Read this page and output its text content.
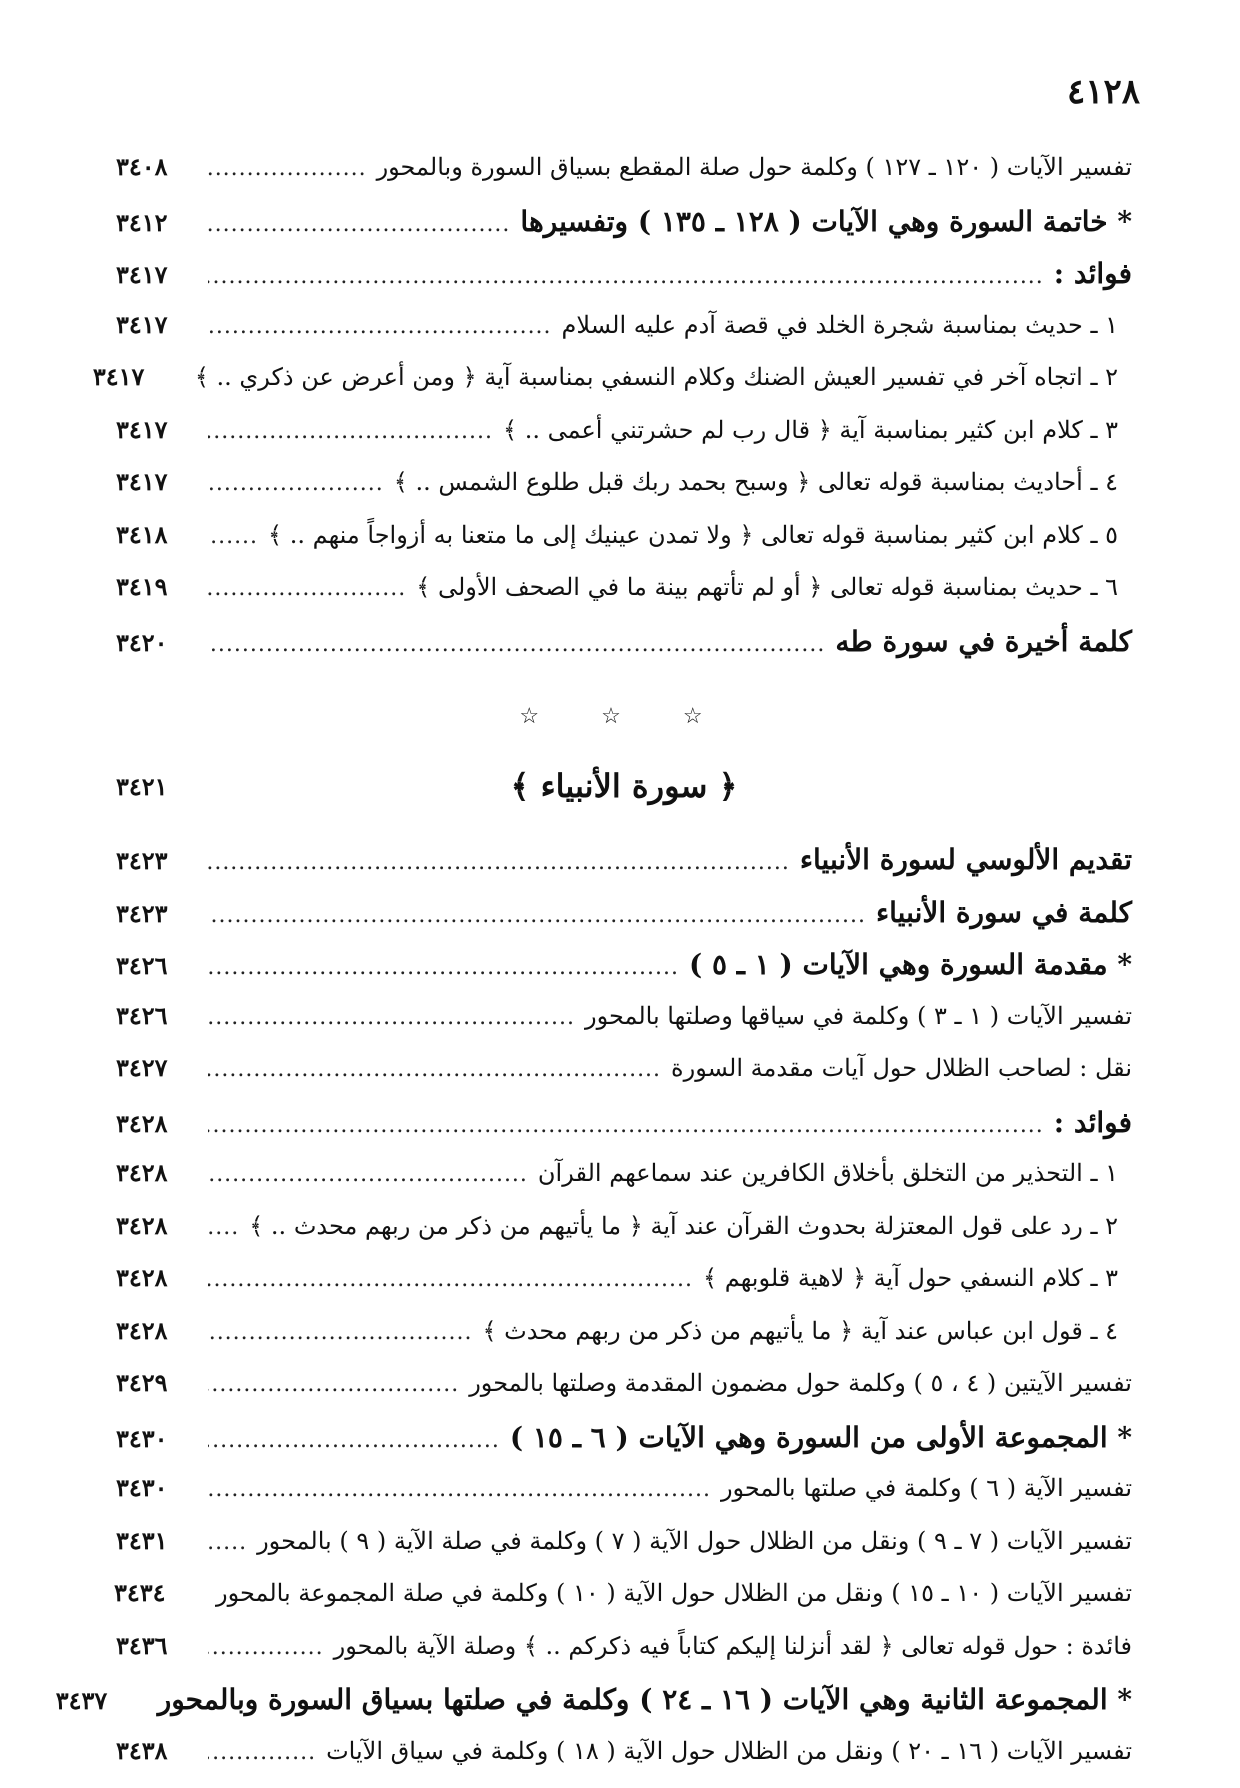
٤١٢٨
تفسير الآيات ( ١٢٠ ـ ١٢٧ ) وكلمة حول صلة المقطع بسياق السورة وبالمحور
.....
٣٤٠٨
* خاتمة السورة وهي الآيات ( ١٢٨ ـ ١٣٥ ) وتفسيرها
.....
٣٤١٢
فوائد :
.....
٣٤١٧
١ ـ حديث بمناسبة شجرة الخلد في قصة آدم عليه السلام
.....
٣٤١٧
٢ ـ اتجاه آخر في تفسير العيش الضنك وكلام النسفي بمناسبة آية ﴿ ومن أعرض عن ذكري .. ﴾
٣٤١٧
٣ ـ كلام ابن كثير بمناسبة آية ﴿ قال رب لم حشرتني أعمى .. ﴾
.....
٣٤١٧
٤ ـ أحاديث بمناسبة قوله تعالى ﴿ وسبح بحمد ربك قبل طلوع الشمس .. ﴾
.....
٣٤١٧
٥ ـ كلام ابن كثير بمناسبة قوله تعالى ﴿ ولا تمدن عينيك إلى ما متعنا به أزواجاً منهم .. ﴾
.....
٣٤١٨
٦ ـ حديث بمناسبة قوله تعالى ﴿ أو لم تأتهم بينة ما في الصحف الأولى ﴾
.....
٣٤١٩
كلمة أخيرة في سورة طه
.....
٣٤٢٠
☆ ☆ ☆
﴿ سورة الأنبياء ﴾
٣٤٢١
تقديم الألوسي لسورة الأنبياء
.....
٣٤٢٣
كلمة في سورة الأنبياء
.....
٣٤٢٣
* مقدمة السورة وهي الآيات ( ١ ـ ٥ )
.....
٣٤٢٦
تفسير الآيات ( ١ ـ ٣ ) وكلمة في سياقها وصلتها بالمحور
.....
٣٤٢٦
نقل : لصاحب الظلال حول آيات مقدمة السورة
.....
٣٤٢٧
فوائد :
.....
٣٤٢٨
١ ـ التحذير من التخلق بأخلاق الكافرين عند سماعهم القرآن
.....
٣٤٢٨
٢ ـ رد على قول المعتزلة بحدوث القرآن عند آية ﴿ ما يأتيهم من ذكر من ربهم محدث .. ﴾
.....
٣٤٢٨
٣ ـ كلام النسفي حول آية ﴿ لاهية قلوبهم ﴾
.....
٣٤٢٨
٤ ـ قول ابن عباس عند آية ﴿ ما يأتيهم من ذكر من ربهم محدث ﴾
.....
٣٤٢٨
تفسير الآيتين ( ٤ ، ٥ ) وكلمة حول مضمون المقدمة وصلتها بالمحور
.....
٣٤٢٩
* المجموعة الأولى من السورة وهي الآيات ( ٦ ـ ١٥ )
.....
٣٤٣٠
تفسير الآية ( ٦ ) وكلمة في صلتها بالمحور
.....
٣٤٣٠
تفسير الآيات ( ٧ ـ ٩ ) ونقل من الظلال حول الآية ( ٧ ) وكلمة في صلة الآية ( ٩ ) بالمحور
.....
٣٤٣١
تفسير الآيات ( ١٠ ـ ١٥ ) ونقل من الظلال حول الآية ( ١٠ ) وكلمة في صلة المجموعة بالمحور
٣٤٣٤
فائدة : حول قوله تعالى ﴿ لقد أنزلنا إليكم كتاباً فيه ذكركم .. ﴾ وصلة الآية بالمحور
.....
٣٤٣٦
* المجموعة الثانية وهي الآيات ( ١٦ ـ ٢٤ ) وكلمة في صلتها بسياق السورة وبالمحور
٣٤٣٧
تفسير الآيات ( ١٦ ـ ٢٠ ) ونقل من الظلال حول الآية ( ١٨ ) وكلمة في سياق الآيات
.....
٣٤٣٨
